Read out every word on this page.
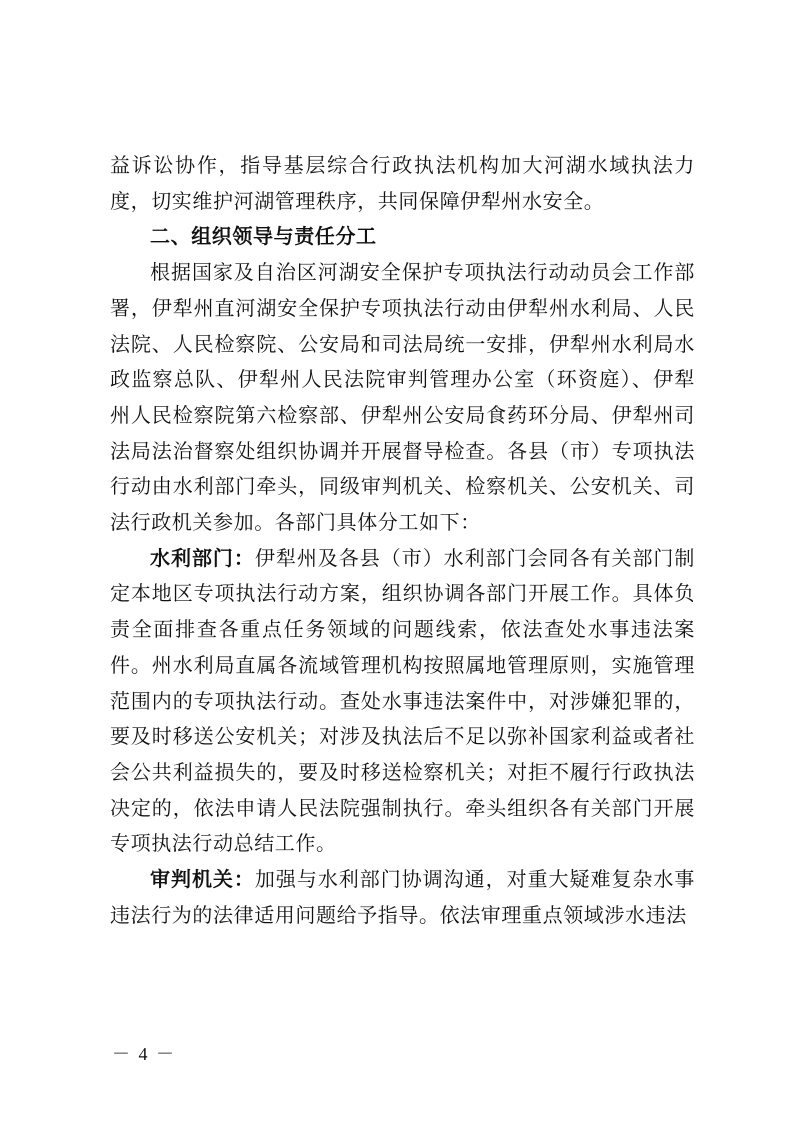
益诉讼协作，指导基层综合行政执法机构加大河湖水域执法力度，切实维护河湖管理秩序，共同保障伊犁州水安全。

二、组织领导与责任分工

根据国家及自治区河湖安全保护专项执法行动动员会工作部署，伊犁州直河湖安全保护专项执法行动由伊犁州水利局、人民法院、人民检察院、公安局和司法局统一安排，伊犁州水利局水政监察总队、伊犁州人民法院审判管理办公室（环资庭）、伊犁州人民检察院第六检察部、伊犁州公安局食药环分局、伊犁州司法局法治督察处组织协调并开展督导检查。各县（市）专项执法行动由水利部门牵头，同级审判机关、检察机关、公安机关、司法行政机关参加。各部门具体分工如下：

水利部门：伊犁州及各县（市）水利部门会同各有关部门制定本地区专项执法行动方案，组织协调各部门开展工作。具体负责全面排查各重点任务领域的问题线索，依法查处水事违法案件。州水利局直属各流域管理机构按照属地管理原则，实施管理范围内的专项执法行动。查处水事违法案件中，对涉嫌犯罪的，要及时移送公安机关；对涉及执法后不足以弥补国家利益或者社会公共利益损失的，要及时移送检察机关；对拒不履行行政执法决定的，依法申请人民法院强制执行。牵头组织各有关部门开展专项执法行动总结工作。

审判机关：加强与水利部门协调沟通，对重大疑难复杂水事违法行为的法律适用问题给予指导。依法审理重点领域涉水违法

－ 4 －
